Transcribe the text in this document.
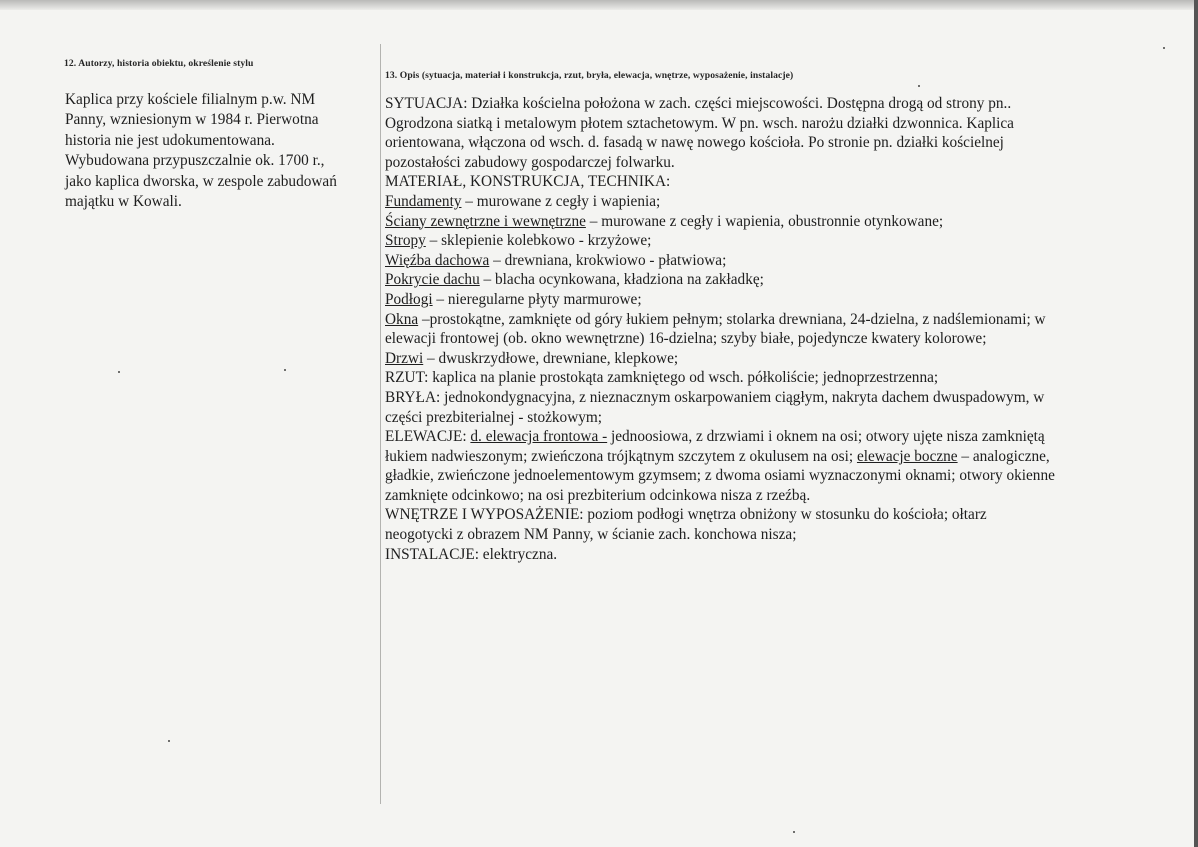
12. Autorzy, historia obiektu, określenie stylu

Kaplica przy kościele filialnym p.w. NM
Panny, wzniesionym w 1984 r. Pierwotna
historia nie jest udokumentowana.
Wybudowana przypuszczalnie ok. 1700 r.,
jako kaplica dworska, w zespole zabudowań
majątku w Kowali.

13. Opis (sytuacja, materiał i konstrukcja, rzut, bryła, elewacja, wnętrze, wyposażenie, instalacje)

SYTUACJA: Działka kościelna położona w zach. części miejscowości. Dostępna drogą od strony pn..
Ogrodzona siatką i metalowym płotem sztachetowym. W pn. wsch. narożu działki dzwonnica. Kaplica
orientowana, włączona od wsch. d. fasadą w nawę nowego kościoła. Po stronie pn. działki kościelnej
pozostałości zabudowy gospodarczej folwarku.
MATERIAŁ, KONSTRUKCJA, TECHNIKA:
Fundamenty – murowane z cegły i wapienia;
Ściany zewnętrzne i wewnętrzne – murowane z cegły i wapienia, obustronnie otynkowane;
Stropy – sklepienie kolebkowo - krzyżowe;
Więźba dachowa – drewniana, krokwiowo - płatwiowa;
Pokrycie dachu – blacha ocynkowana, kładziona na zakładkę;
Podłogi – nieregularne płyty marmurowe;
Okna –prostokątne, zamknięte od góry łukiem pełnym; stolarka drewniana, 24-dzielna, z nadślemionami; w
elewacji frontowej (ob. okno wewnętrzne) 16-dzielna; szyby białe, pojedyncze kwatery kolorowe;
Drzwi – dwuskrzydłowe, drewniane, klepkowe;
RZUT: kaplica na planie prostokąta zamkniętego od wsch. półkoliście; jednoprzestrzenna;
BRYŁA: jednokondygnacyjna, z nieznacznym oskarpowaniem ciągłym, nakryta dachem dwuspadowym, w
części prezbiterialnej - stożkowym;
ELEWACJE: d. elewacja frontowa - jednoosiowa, z drzwiami i oknem na osi; otwory ujęte nisza zamkniętą
łukiem nadwieszonym; zwieńczona trójkątnym szczytem z okulusem na osi; elewacje boczne – analogiczne,
gładkie, zwieńczone jednoelementowym gzymsem; z dwoma osiami wyznaczonymi oknami; otwory okienne
zamknięte odcinkowo; na osi prezbiterium odcinkowa nisza z rzeźbą.
WNĘTRZE I WYPOSAŻENIE: poziom podłogi wnętrza obniżony w stosunku do kościoła; ołtarz
neogotycki z obrazem NM Panny, w ścianie zach. konchowa nisza;
INSTALACJE: elektryczna.
